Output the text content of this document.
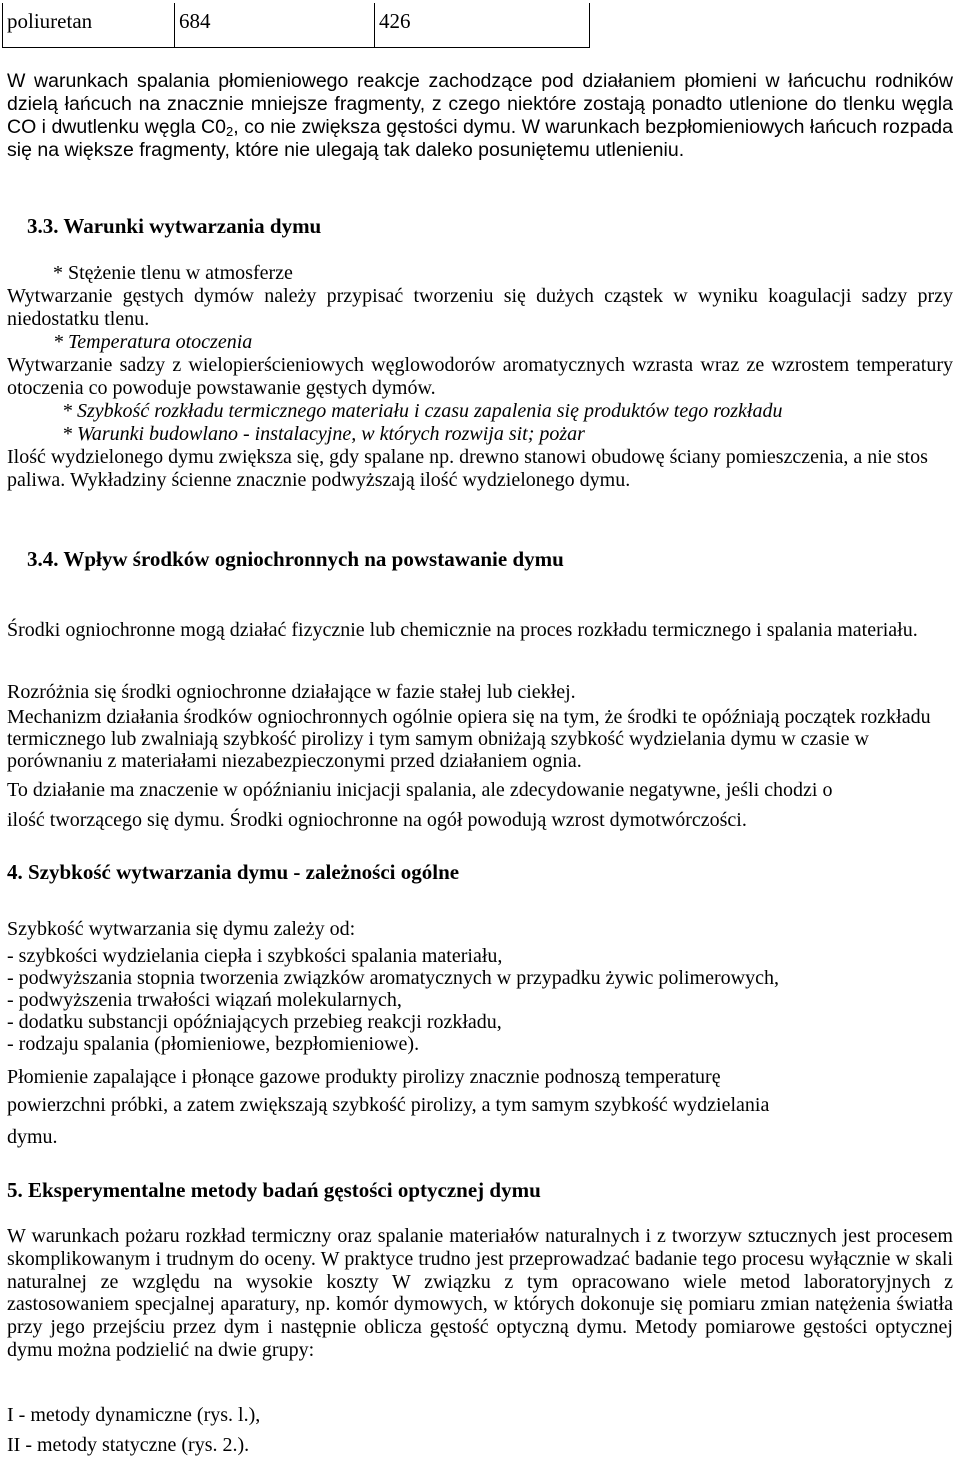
poliuretan	684	426
W warunkach spalania płomieniowego reakcje zachodzące pod działaniem płomieni w łańcuchu rodników dzielą łańcuch na znacznie mniejsze fragmenty, z czego niektóre zostają ponadto utlenione do tlenku węgla CO i dwutlenku węgla $C0_2$, co nie zwiększa gęstości dymu. W warunkach bezpłomieniowych łańcuch rozpada się na większe fragmenty, które nie ulegają tak daleko posuniętemu utlenieniu.
3.3. Warunki wytwarzania dymu

* Stężenie tlenu w atmosferze

Wytwarzanie gęstych dymów należy przypisać tworzeniu się dużych cząstek w wyniku koagulacji sadzy przy niedostatku tlenu.

* Temperatura otoczenia

Wytwarzanie sadzy z wielopierścieniowych węglowodorów aromatycznych wzrasta wraz ze wzrostem temperatury otoczenia co powoduje powstawanie gęstych dymów.

* Szybkość rozkładu termicznego materiału i czasu zapalenia się produktów tego rozkładu

* Warunki budowlano - instalacyjne, w których rozwija sit; pożar

Ilość wydzielonego dymu zwiększa się, gdy spalane np. drewno stanowi obudowę ściany pomieszczenia, a nie stos paliwa. Wykładziny ścienne znacznie podwyższają ilość wydzielonego dymu.

3.4. Wpływ środków ogniochronnych na powstawanie dymu
Środki ogniochronne mogą działać fizycznie lub chemicznie na proces rozkładu termicznego i spalania materiału.
Rozróżnia się środki ogniochronne działające w fazie stałej lub ciekłej.
Mechanizm działania środków ogniochronnych ogólnie opiera się na tym, że środki te opóźniają początek rozkładu termicznego lub zwalniają szybkość pirolizy i tym samym obniżają szybkość wydzielania dymu w czasie w porównaniu z materiałami niezabezpieczonymi przed działaniem ognia.
To działanie ma znaczenie w opóźnianiu inicjacji spalania, ale zdecydowanie negatywne, jeśli chodzi o
ilość tworzącego się dymu. Środki ogniochronne na ogół powodują wzrost dymotwórczości.
4. Szybkość wytwarzania dymu - zależności ogólne
Szybkość wytwarzania się dymu zależy od:

- szybkości wydzielania ciepła i szybkości spalania materiału,

- podwyższania stopnia tworzenia związków aromatycznych w przypadku żywic polimerowych,

- podwyższenia trwałości wiązań molekularnych,

- dodatku substancji opóźniających przebieg reakcji rozkładu,

- rodzaju spalania (płomieniowe, bezpłomieniowe).

Płomienie zapalające i płonące gazowe produkty pirolizy znacznie podnoszą temperaturę
powierzchni próbki, a zatem zwiększają szybkość pirolizy, a tym samym szybkość wydzielania
dymu.
5. Eksperymentalne metody badań gęstości optycznej dymu
W warunkach pożaru rozkład termiczny oraz spalanie materiałów naturalnych i z tworzyw sztucznych jest procesem skomplikowanym i trudnym do oceny. W praktyce trudno jest przeprowadzać badanie tego procesu wyłącznie w skali naturalnej ze względu na wysokie koszty W związku z tym opracowano wiele metod laboratoryjnych z zastosowaniem specjalnej aparatury, np. komór dymowych, w których dokonuje się pomiaru zmian natężenia światła przy jego przejściu przez dym i następnie oblicza gęstość optyczną dymu. Metody pomiarowe gęstości optycznej dymu można podzielić na dwie grupy:
I - metody dynamiczne (rys. l.),
II - metody statyczne (rys. 2.).
